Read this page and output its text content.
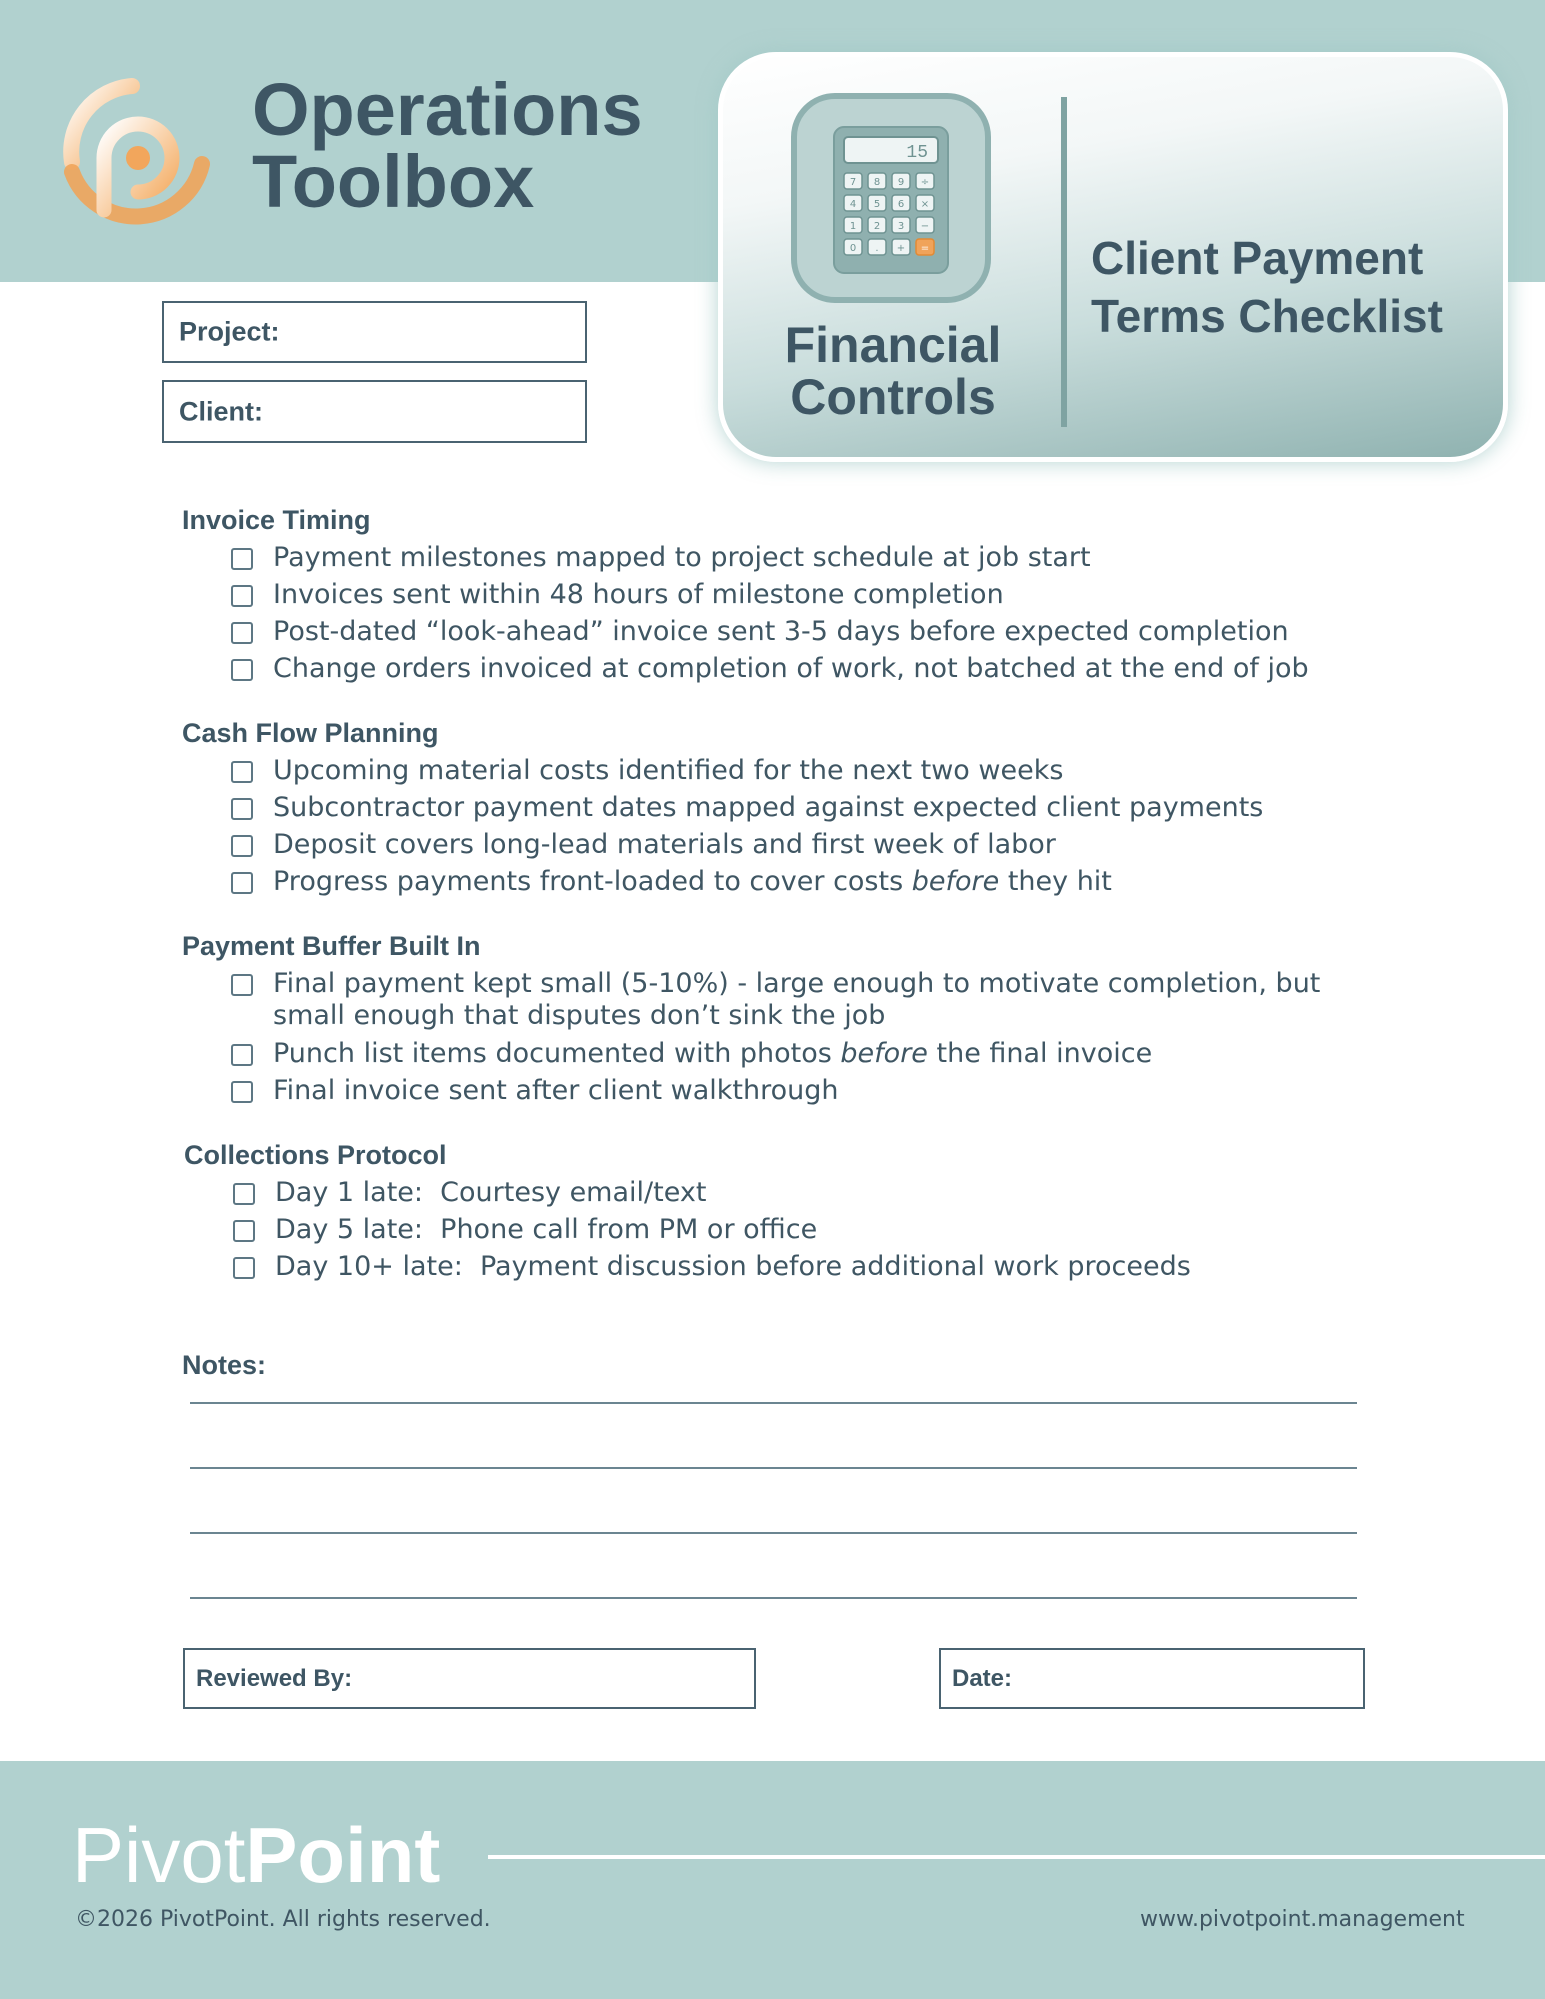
Operations
Toolbox	15
7 8 9 ÷
4 5 6 ×
1 2 3 −
0 . + =
Financial
Controls
Client Payment
Terms Checklist
Project:
Client:
Invoice Timing
Payment milestones mapped to project schedule at job start
Invoices sent within 48 hours of milestone completion
Post-dated “look-ahead” invoice sent 3-5 days before expected completion
Change orders invoiced at completion of work, not batched at the end of job
Cash Flow Planning
Upcoming material costs identified for the next two weeks
Subcontractor payment dates mapped against expected client payments
Deposit covers long-lead materials and first week of labor
Progress payments front-loaded to cover costs before they hit
Payment Buffer Built In
Final payment kept small (5-10%) - large enough to motivate completion, but
small enough that disputes don’t sink the job
Punch list items documented with photos before the final invoice
Final invoice sent after client walkthrough
Collections Protocol
Day 1 late:  Courtesy email/text
Day 5 late:  Phone call from PM or office
Day 10+ late:  Payment discussion before additional work proceeds
Notes:
Reviewed By:	Date:
PivotPoint
©2026 PivotPoint. All rights reserved.	www.pivotpoint.management
